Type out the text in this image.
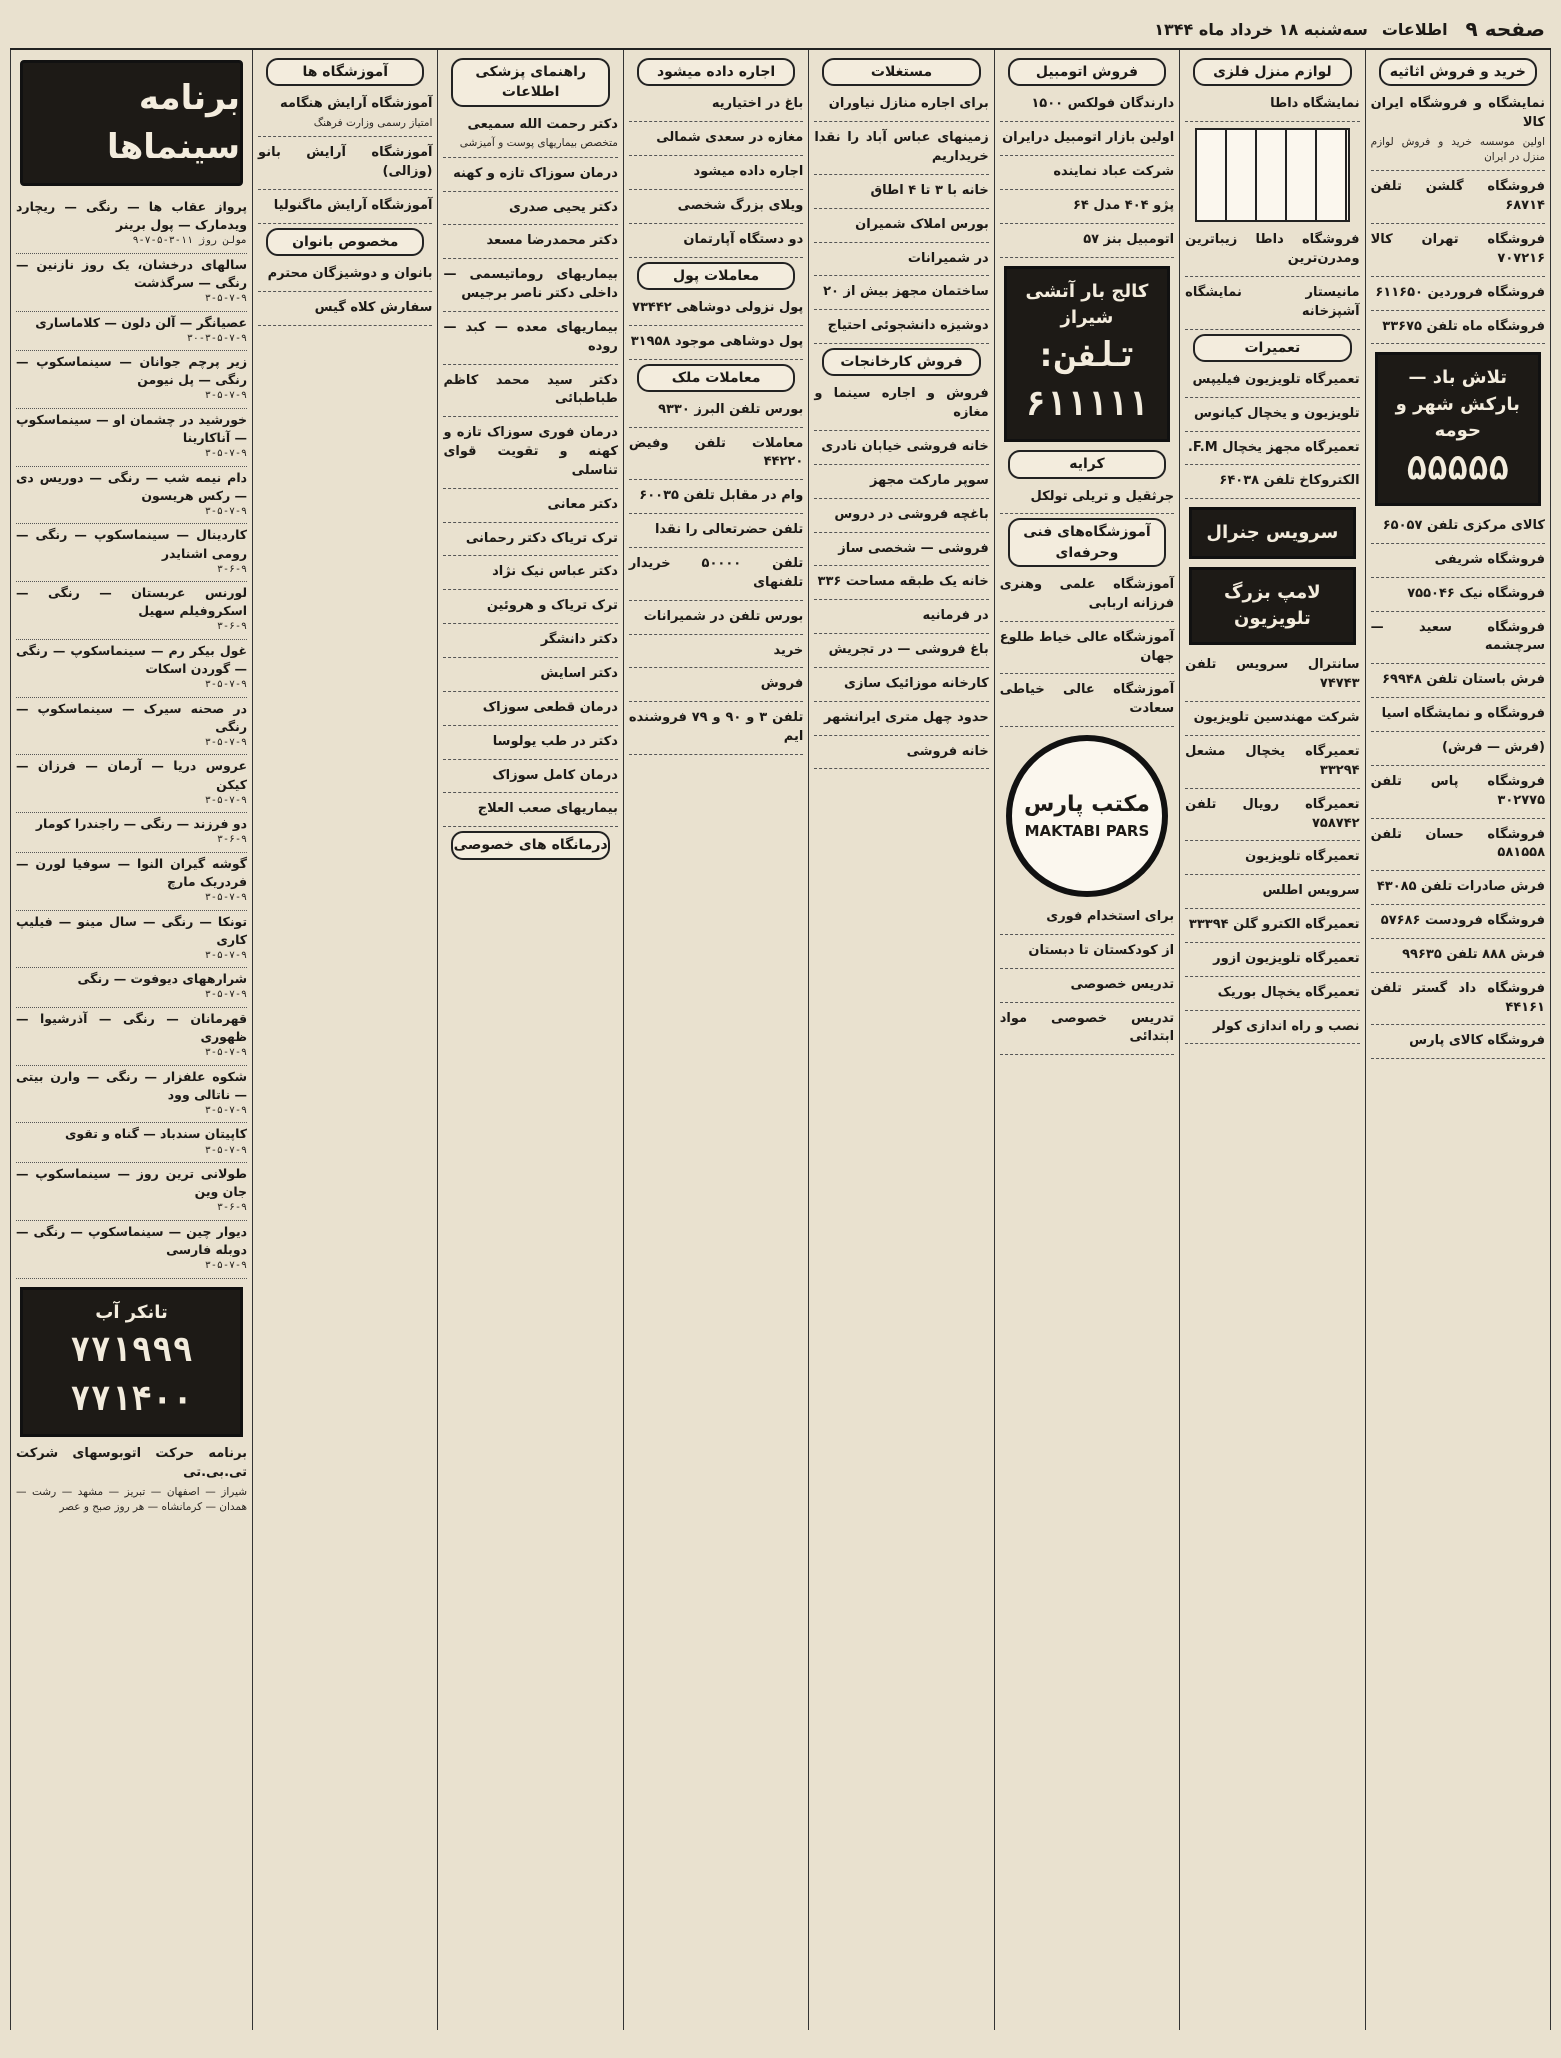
صفحه ۹
اطلاعات
سه‌شنبه ۱۸ خرداد ماه ۱۳۴۴
خرید و فروش اثاثیه
نمایشگاه و فروشگاه ایران کالا
اولین موسسه خرید و فروش لوازم منزل در ایران
فروشگاه گلشن تلفن ۶۸۷۱۴
فروشگاه تهران کالا ۷۰۷۲۱۶
فروشگاه فروردین ۶۱۱۶۵۰
فروشگاه ماه تلفن ۳۳۶۷۵
تلاش باد — بارکش شهر و حومه
۵۵۵۵۵
کالای مرکزی تلفن ۶۵۰۵۷
فروشگاه شریفی
فروشگاه نیک ۷۵۵۰۴۶
فروشگاه سعید — سرچشمه
فرش باستان تلفن ۶۹۹۴۸
فروشگاه و نمایشگاه اسیا
(فرش — فرش)
فروشگاه پاس تلفن ۳۰۲۷۷۵
فروشگاه حسان تلفن ۵۸۱۵۵۸
فرش صادرات تلفن ۴۳۰۸۵
فروشگاه فرودست ۵۷۶۸۶
فرش ۸۸۸ تلفن ۹۹۶۳۵
فروشگاه داد گستر تلفن ۴۴۱۶۱
فروشگاه کالای پارس
لوازم منزل فلزی
نمایشگاه داطا
فروشگاه داطا زیباترین ومدرن‌ترین
مانیستار نمایشگاه آشپزخانه
تعمیرات
تعمیرگاه تلویزیون فیلیپس
تلویزیون و یخچال کیانوس
تعمیرگاه مجهز یخچال F.M.
الکتروکاخ تلفن ۶۴۰۳۸
سرویس جنرال
لامپ بزرگ تلویزیون
سانترال سرویس تلفن ۷۴۷۴۳
شرکت مهندسین تلویزیون
تعمیرگاه یخچال مشعل ۳۳۲۹۴
تعمیرگاه رویال تلفن ۷۵۸۷۴۲
تعمیرگاه تلویزیون
سرویس اطلس
تعمیرگاه الکترو گلن ۳۳۳۹۴
تعمیرگاه تلویزیون ازور
تعمیرگاه یخچال بوریک
نصب و راه اندازی کولر
فروش اتومبیل
دارندگان فولکس ۱۵۰۰
اولین بازار اتومبیل درایران
شرکت عباد نماینده
پژو ۴۰۴ مدل ۶۴
اتومبیل بنز ۵۷
کالج بار آتشی شیراز
تلفن: ۶۱۱۱۱۱
کرایه
جرثقیل و تریلی تولکل
آموزشگاه‌های فنی وحرفه‌ای
آموزشگاه علمی وهنری فرزانه اربابی
آموزشگاه عالی خیاط طلوع جهان
آموزشگاه عالی خیاطی سعادت
مکتب پارس
MAKTABI PARS
برای استخدام فوری
از کودکستان تا دبستان
تدریس خصوصی
تدریس خصوصی مواد ابتدائی
مستغلات
برای اجاره منازل نیاوران
زمینهای عباس آباد را نقدا خریداریم
خانه با ۳ تا ۴ اطاق
بورس املاک شمیران
در شمیرانات
ساختمان مجهز بیش از ۲۰
دوشیزه دانشجوئی احتیاج
فروش کارخانجات
فروش و اجاره سینما و مغازه
خانه فروشی خیابان نادری
سوپر مارکت مجهز
باغچه فروشی در دروس
فروشی — شخصی ساز
خانه یک طبقه مساحت ۳۳۶
در فرمانیه
باغ فروشی — در تجریش
کارخانه موزائیک سازی
حدود چهل متری ایرانشهر
خانه فروشی
اجاره داده میشود
باغ در اختیاریه
مغازه در سعدی شمالی
اجاره داده میشود
ویلای بزرگ شخصی
دو دستگاه آپارتمان
معاملات پول
پول نزولی دوشاهی ۷۳۴۴۲
پول دوشاهی موجود ۳۱۹۵۸
معاملات ملک
بورس تلفن البرز ۹۳۳۰
معاملات تلفن وفیض ۴۴۲۲۰
وام در مقابل تلفن ۶۰۰۳۵
تلفن حضرتعالی را نقدا
تلفن ۵۰۰۰۰ خریدار تلفنهای
بورس تلفن در شمیرانات
خرید
فروش
تلفن ۳ و ۹۰ و ۷۹ فروشنده ایم
راهنمای پزشکی اطلاعات
دکتر رحمت الله سمیعی
متخصص بیماریهای پوست و آمیزشی
درمان سوزاک تازه و کهنه
دکتر یحیی صدری
دکتر محمدرضا مسعد
بیماریهای روماتیسمی — داخلی دکتر ناصر برجیس
بیماریهای معده — کبد — روده
دکتر سید محمد کاظم طباطبائی
درمان فوری سوزاک تازه و کهنه و تقویت قوای تناسلی
دکتر معانی
ترک تریاک دکتر رحمانی
دکتر عباس نیک نژاد
ترک تریاک و هروئین
دکتر دانشگر
دکتر اسایش
درمان قطعی سوزاک
دکتر در طب یولوسا
درمان کامل سوزاک
بیماریهای صعب العلاج
درمانگاه های خصوصی
آموزشگاه ها
آموزشگاه آرایش هنگامه
امتیاز رسمی وزارت فرهنگ
آموزشگاه آرایش بانو (وزالی)
آموزشگاه آرایش ماگنولیا
مخصوص بانوان
بانوان و دوشیزگان محترم
سفارش کلاه گیس
برنامه سینماها
پرواز عقاب ها — رنگی — ریچارد ویدمارک — پول برینر
مولن روژ ۱۱-۳-۵-۷-۹
سالهای درخشان، یک روز نازنین — رنگی — سرگذشت
۳-۵-۷-۹
عصیانگر — آلن دلون — کلاماساری
۳۰-۳-۵-۷-۹
زیر پرچم جوانان — سینماسکوپ — رنگی — پل نیومن
۳-۵-۷-۹
خورشید در چشمان او — سینماسکوپ — آناکارینا
۳-۵-۷-۹
دام نیمه شب — رنگی — دوریس دی — رکس هریسون
۳-۵-۷-۹
کاردینال — سینماسکوپ — رنگی — رومی اشنایدر
۳-۶-۹
لورنس عربستان — رنگی — اسکروفیلم سهیل
۳-۶-۹
غول بیکر رم — سینماسکوپ — رنگی — گوردن اسکات
۳-۵-۷-۹
در صحنه سیرک — سینماسکوپ — رنگی
۳-۵-۷-۹
عروس دریا — آرمان — فرزان — کیکن
۳-۵-۷-۹
دو فرزند — رنگی — راجندرا کومار
۳-۶-۹
گوشه گیران النوا — سوفیا لورن — فردریک مارچ
۳-۵-۷-۹
تونکا — رنگی — سال مینو — فیلیپ کاری
۳-۵-۷-۹
شرارههای دیوفوت — رنگی
۳-۵-۷-۹
قهرمانان — رنگی — آذرشیوا — ظهوری
۳-۵-۷-۹
شکوه علفزار — رنگی — وارن بیتی — ناتالی وود
۳-۵-۷-۹
کاپیتان سندباد — گناه و تقوی
۳-۵-۷-۹
طولانی ترین روز — سینماسکوپ — جان وین
۳-۶-۹
دیوار چین — سینماسکوپ — رنگی — دوبله فارسی
۳-۵-۷-۹
تانکر آب
۷۷۱۹۹۹
۷۷۱۴۰۰
برنامه حرکت اتوبوسهای شرکت تی.بی.تی
شیراز — اصفهان — تبریز — مشهد — رشت — همدان — کرمانشاه — هر روز صبح و عصر
